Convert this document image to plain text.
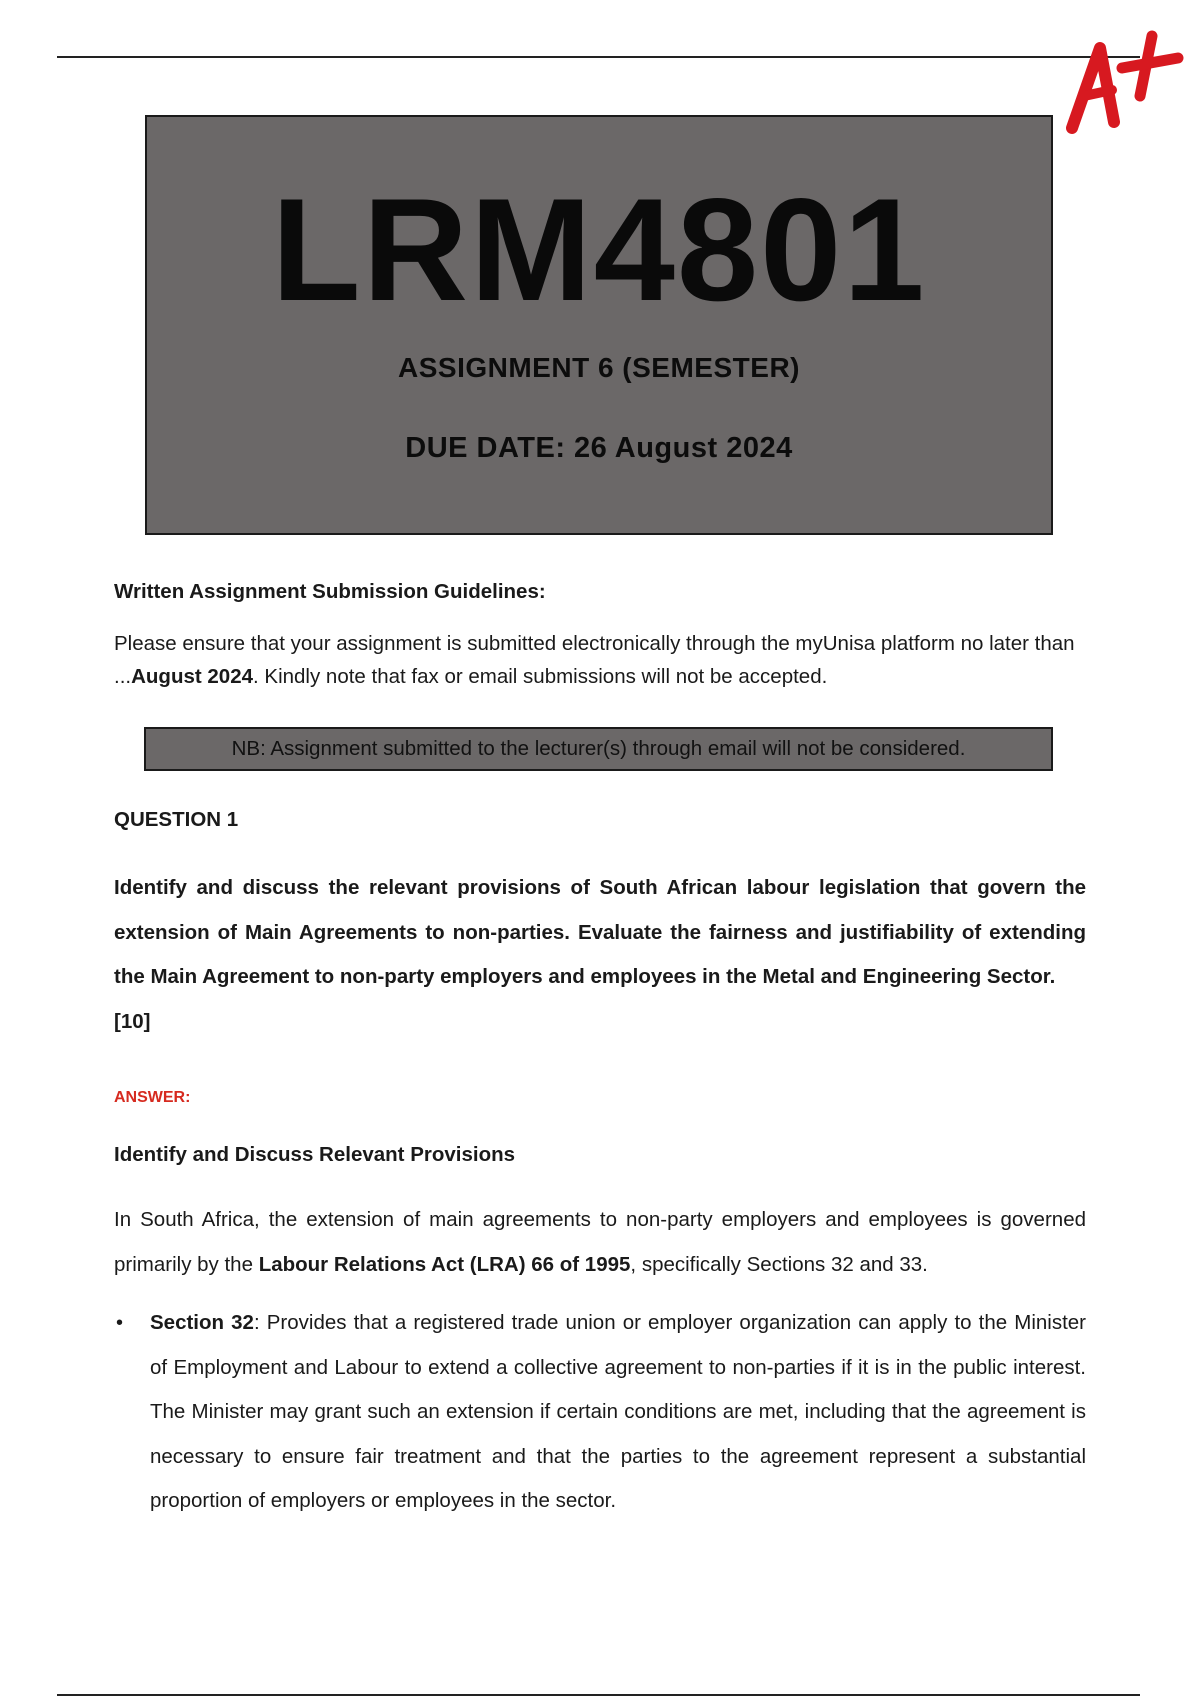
LRM4801
ASSIGNMENT 6 (SEMESTER)
DUE DATE: 26 August 2024
Written Assignment Submission Guidelines:
Please ensure that your assignment is submitted electronically through the myUnisa platform no later than ...August 2024. Kindly note that fax or email submissions will not be accepted.
NB: Assignment submitted to the lecturer(s) through email will not be considered.
QUESTION 1
Identify and discuss the relevant provisions of South African labour legislation that govern the extension of Main Agreements to non-parties. Evaluate the fairness and justifiability of extending the Main Agreement to non-party employers and employees in the Metal and Engineering Sector.
[10]
ANSWER:
Identify and Discuss Relevant Provisions
In South Africa, the extension of main agreements to non-party employers and employees is governed primarily by the Labour Relations Act (LRA) 66 of 1995, specifically Sections 32 and 33.
• Section 32: Provides that a registered trade union or employer organization can apply to the Minister of Employment and Labour to extend a collective agreement to non-parties if it is in the public interest. The Minister may grant such an extension if certain conditions are met, including that the agreement is necessary to ensure fair treatment and that the parties to the agreement represent a substantial proportion of employers or employees in the sector.
